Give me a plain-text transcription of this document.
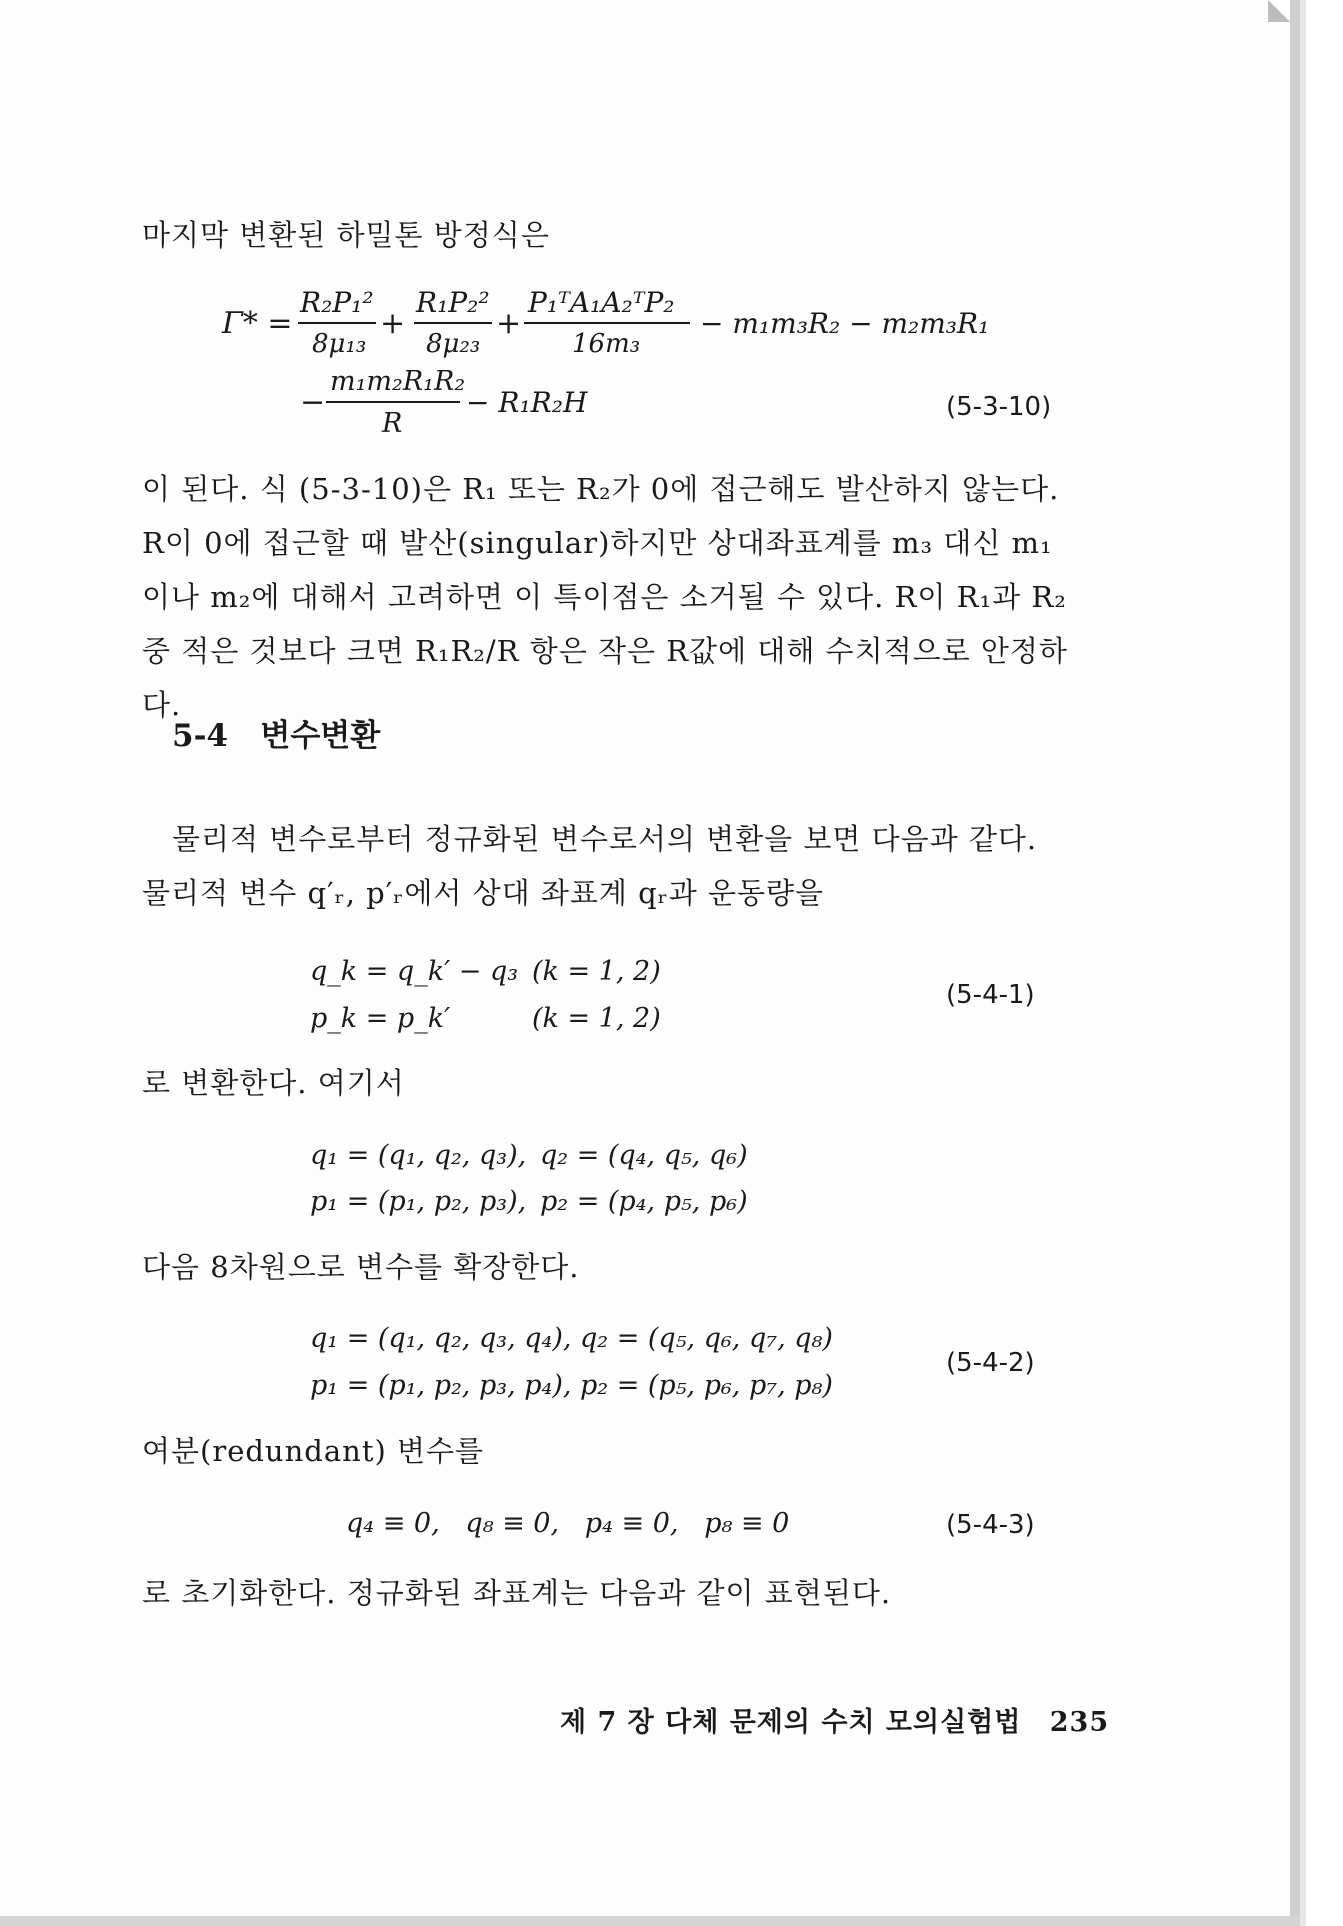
마지막 변환된 하밀톤 방정식은

Γ* =
R₂P₁²
8μ₁₃
+
R₁P₂²
8μ₂₃
+
P₁ᵀA₁A₂ᵀP₂
16m₃
− m₁m₃R₂ − m₂m₃R₁
−
m₁m₂R₁R₂
R
− R₁R₂H	(5-3-10)

이 된다. 식 (5-3-10)은 R₁ 또는 R₂가 0에 접근해도 발산하지 않는다. R이 0에 접근할 때 발산(singular)하지만 상대좌표계를 m₃ 대신 m₁이나 m₂에 대해서 고려하면 이 특이점은 소거될 수 있다. R이 R₁과 R₂ 중 적은 것보다 크면 R₁R₂/R 항은 작은 R값에 대해 수치적으로 안정하다.

5-4 변수변환

물리적 변수로부터 정규화된 변수로서의 변환을 보면 다음과 같다. 물리적 변수 q′ᵣ, p′ᵣ에서 상대 좌표계 qᵣ과 운동량을

q_k = q_k′ − q₃ (k = 1, 2)
p_k = p_k′	(k = 1, 2)
(5-4-1)

로 변환한다. 여기서

q₁ = (q₁, q₂, q₃), q₂ = (q₄, q₅, q₆)
p₁ = (p₁, p₂, p₃), p₂ = (p₄, p₅, p₆)

다음 8차원으로 변수를 확장한다.

q₁ = (q₁, q₂, q₃, q₄), q₂ = (q₅, q₆, q₇, q₈)
p₁ = (p₁, p₂, p₃, p₄), p₂ = (p₅, p₆, p₇, p₈)
(5-4-2)

여분(redundant) 변수를

q₄ ≡ 0,   q₈ ≡ 0,   p₄ ≡ 0,   p₈ ≡ 0	(5-4-3)

로 초기화한다. 정규화된 좌표계는 다음과 같이 표현된다.

제 7 장 다체 문제의 수치 모의실험법 235
